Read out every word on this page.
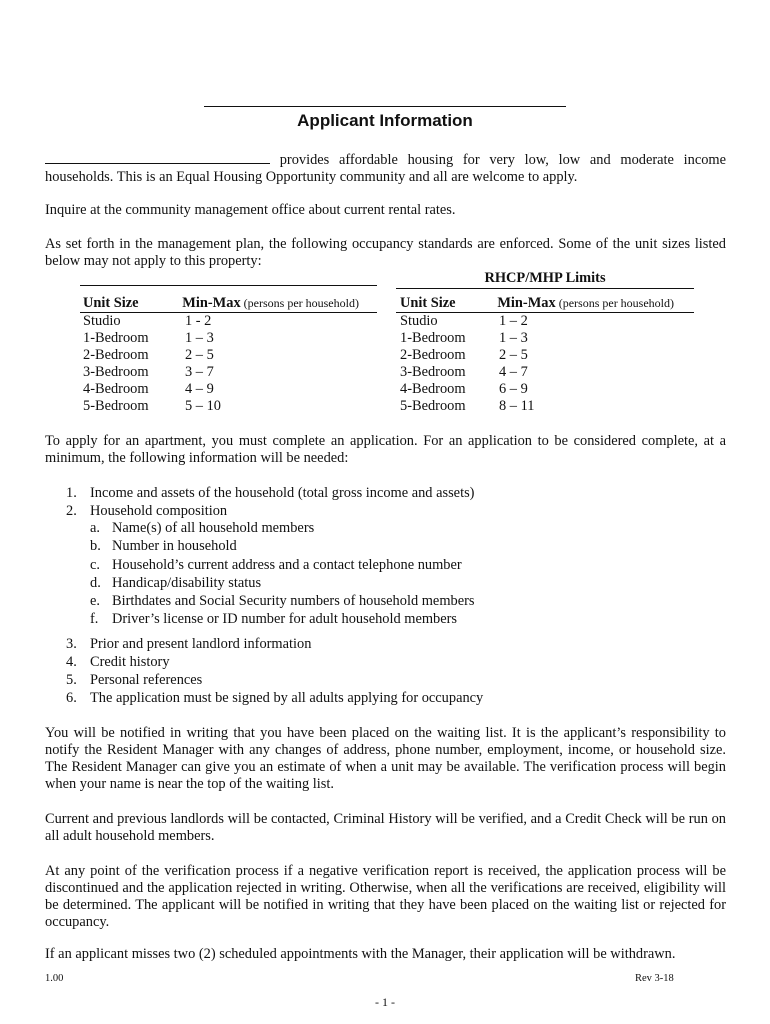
Applicant Information

provides affordable housing for very low, low and moderate income households. This is an Equal Housing Opportunity community and all are welcome to apply.

Inquire at the community management office about current rental rates.

As set forth in the management plan, the following occupancy standards are enforced. Some of the unit sizes listed below may not apply to this property:

Unit Size	Min-Max (persons per household)
Studio	1 - 2
1-Bedroom	1 – 3
2-Bedroom	2 – 5
3-Bedroom	3 – 7
4-Bedroom	4 – 9
5-Bedroom	5 – 10
RHCP/MHP Limits
Unit Size	Min-Max (persons per household)
Studio	1 – 2
1-Bedroom	1 – 3
2-Bedroom	2 – 5
3-Bedroom	4 – 7
4-Bedroom	6 – 9
5-Bedroom	8 – 11

To apply for an apartment, you must complete an application. For an application to be considered complete, at a minimum, the following information will be needed:

1. Income and assets of the household (total gross income and assets)
2. Household composition
a. Name(s) of all household members
b. Number in household
c. Household’s current address and a contact telephone number
d. Handicap/disability status
e. Birthdates and Social Security numbers of household members
f. Driver’s license or ID number for adult household members
3. Prior and present landlord information
4. Credit history
5. Personal references
6. The application must be signed by all adults applying for occupancy

You will be notified in writing that you have been placed on the waiting list. It is the applicant’s responsibility to notify the Resident Manager with any changes of address, phone number, employment, income, or household size. The Resident Manager can give you an estimate of when a unit may be available. The verification process will begin when your name is near the top of the waiting list.

Current and previous landlords will be contacted, Criminal History will be verified, and a Credit Check will be run on all adult household members.

At any point of the verification process if a negative verification report is received, the application process will be discontinued and the application rejected in writing. Otherwise, when all the verifications are received, eligibility will be determined. The applicant will be notified in writing that they have been placed on the waiting list or rejected for occupancy.

If an applicant misses two (2) scheduled appointments with the Manager, their application will be withdrawn.

1.00	Rev 3-18
- 1 -
